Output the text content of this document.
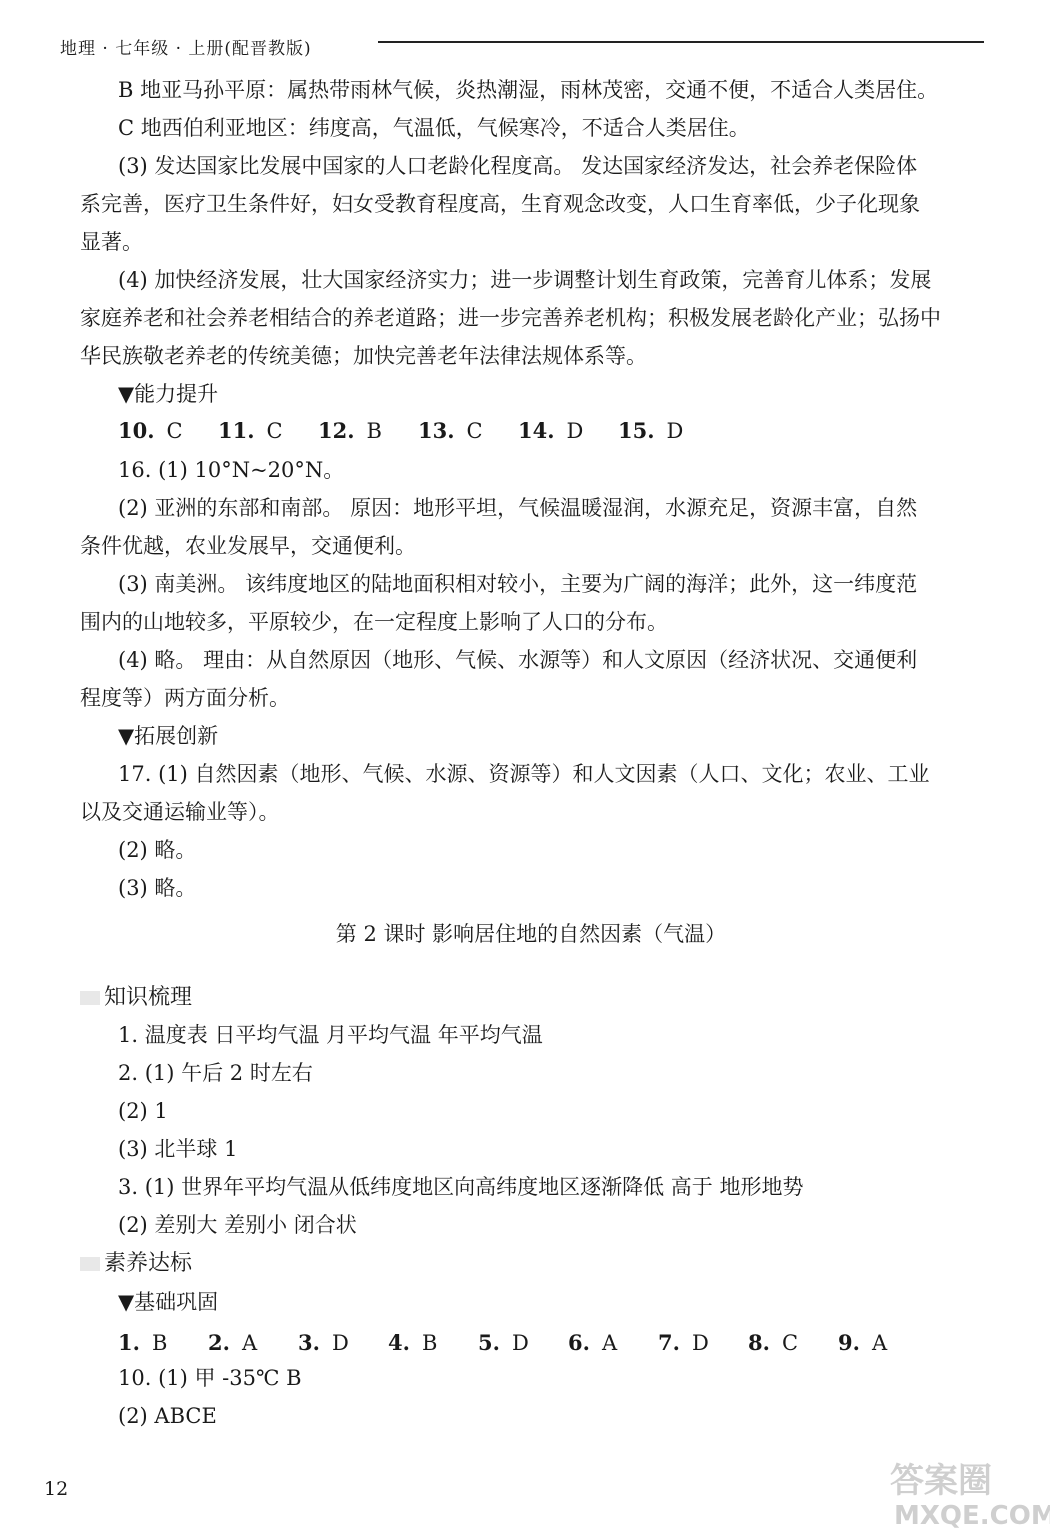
地理 · 七年级 · 上册(配晋教版)
B 地亚马孙平原：属热带雨林气候，炎热潮湿，雨林茂密，交通不便，不适合人类居住。
C 地西伯利亚地区：纬度高，气温低，气候寒冷，不适合人类居住。
(3) 发达国家比发展中国家的人口老龄化程度高。 发达国家经济发达，社会养老保险体
系完善，医疗卫生条件好，妇女受教育程度高，生育观念改变，人口生育率低，少子化现象
显著。
(4) 加快经济发展，壮大国家经济实力；进一步调整计划生育政策，完善育儿体系；发展
家庭养老和社会养老相结合的养老道路；进一步完善养老机构；积极发展老龄化产业；弘扬中
华民族敬老养老的传统美德；加快完善老年法律法规体系等。
▼能力提升
16. (1) 10°N~20°N。
(2) 亚洲的东部和南部。 原因：地形平坦，气候温暖湿润，水源充足，资源丰富，自然
条件优越，农业发展早，交通便利。
(3) 南美洲。 该纬度地区的陆地面积相对较小，主要为广阔的海洋；此外，这一纬度范
围内的山地较多，平原较少，在一定程度上影响了人口的分布。
(4) 略。 理由：从自然原因（地形、气候、水源等）和人文原因（经济状况、交通便利
程度等）两方面分析。
▼拓展创新
17. (1) 自然因素（地形、气候、水源、资源等）和人文因素（人口、文化；农业、工业
以及交通运输业等）。
(2) 略。
(3) 略。
1. 温度表 日平均气温 月平均气温 年平均气温
2. (1) 午后 2 时左右
(2) 1
(3) 北半球 1
3. (1) 世界年平均气温从低纬度地区向高纬度地区逐渐降低 高于 地形地势
(2) 差别大 差别小 闭合状
▼基础巩固
10. (1) 甲 -35℃ B
(2) ABCE
10. C 11. C 12. B 13. C 14. D 15. D
第 2 课时 影响居住地的自然因素（气温）
知识梳理
素养达标
1. B 2. A 3. D 4. B 5. D 6. A 7. D 8. C 9. A
12	答案圈
MXQE.COM
